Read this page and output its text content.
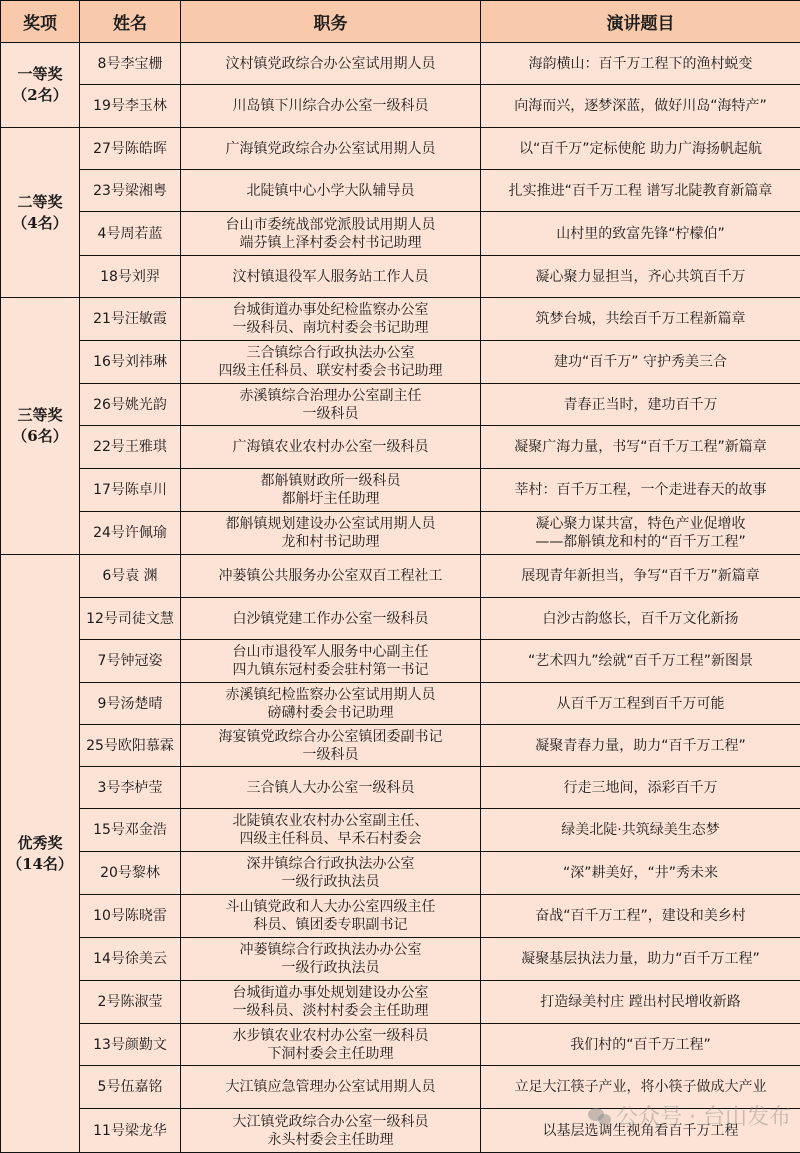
奖项	姓名	职务	演讲题目

一等奖
（2名）	8号李宝栅	汶村镇党政综合办公室试用期人员	海韵横山：百千万工程下的渔村蜕变

	19号李玉林	川岛镇下川综合办公室一级科员	向海而兴，逐梦深蓝，做好川岛“海特产”

二等奖
（4名）	27号陈皓晖	广海镇党政综合办公室试用期人员	以“百千万”定标使舵 助力广海扬帆起航

	23号梁湘粤	北陡镇中心小学大队辅导员	扎实推进“百千万工程 谱写北陡教育新篇章

	4号周若蓝	台山市委统战部党派股试用期人员
端芬镇上泽村委会村书记助理	山村里的致富先锋“柠檬伯”

	18号刘羿	汶村镇退役军人服务站工作人员	凝心聚力显担当，齐心共筑百千万

三等奖
（6名）	21号汪敏霞	台城街道办事处纪检监察办公室
一级科员、南坑村委会书记助理	筑梦台城，共绘百千万工程新篇章

	16号刘祎琳	三合镇综合行政执法办公室
四级主任科员、联安村委会书记助理	建功“百千万” 守护秀美三合

	26号姚光韵	赤溪镇综合治理办公室副主任
一级科员	青春正当时，建功百千万

	22号王雅琪	广海镇农业农村办公室一级科员	凝聚广海力量，书写“百千万工程”新篇章

	17号陈卓川	都斛镇财政所一级科员
都斛圩主任助理	莘村：百千万工程，一个走进春天的故事

	24号许佩瑜	都斛镇规划建设办公室试用期人员
龙和村书记助理	凝心聚力谋共富，特色产业促增收
——都斛镇龙和村的“百千万工程”

优秀奖
（14名）	6号袁 渊	冲蒌镇公共服务办公室双百工程社工	展现青年新担当，争写“百千万”新篇章

	12号司徒文慧	白沙镇党建工作办公室一级科员	白沙古韵悠长，百千万文化新扬

	7号钟冠姿	台山市退役军人服务中心副主任
四九镇东冠村委会驻村第一书记	“艺术四九”绘就“百千万工程”新图景

	9号汤楚晴	赤溪镇纪检监察办公室试用期人员
磅礴村委会书记助理	从百千万工程到百千万可能

	25号欧阳慕霖	海宴镇党政综合办公室镇团委副书记
一级科员	凝聚青春力量，助力“百千万工程”

	3号李栌莹	三合镇人大办公室一级科员	行走三地间，添彩百千万

	15号邓金浩	北陡镇农业农村办公室副主任、
四级主任科员、早禾石村委会	绿美北陡·共筑绿美生态梦

	20号黎林	深井镇综合行政执法办公室
一级行政执法员	“深”耕美好，“井”秀未来

	10号陈晓雷	斗山镇党政和人大办公室四级主任
科员、镇团委专职副书记	奋战“百千万工程”，建设和美乡村

	14号徐美云	冲蒌镇综合行政执法办办公室
一级行政执法员	凝聚基层执法力量，助力“百千万工程”

	2号陈淑莹	台城街道办事处规划建设办公室
一级科员、淡村村委会主任助理	打造绿美村庄 蹚出村民增收新路

	13号颜勤文	水步镇农业农村办公室一级科员
下洞村委会主任助理	我们村的“百千万工程”

	5号伍嘉铭	大江镇应急管理办公室试用期人员	立足大江筷子产业，将小筷子做成大产业

	11号梁龙华	大江镇党政综合办公室一级科员
永头村委会主任助理	以基层选调生视角看百千万工程
公众号 · 台山发布
